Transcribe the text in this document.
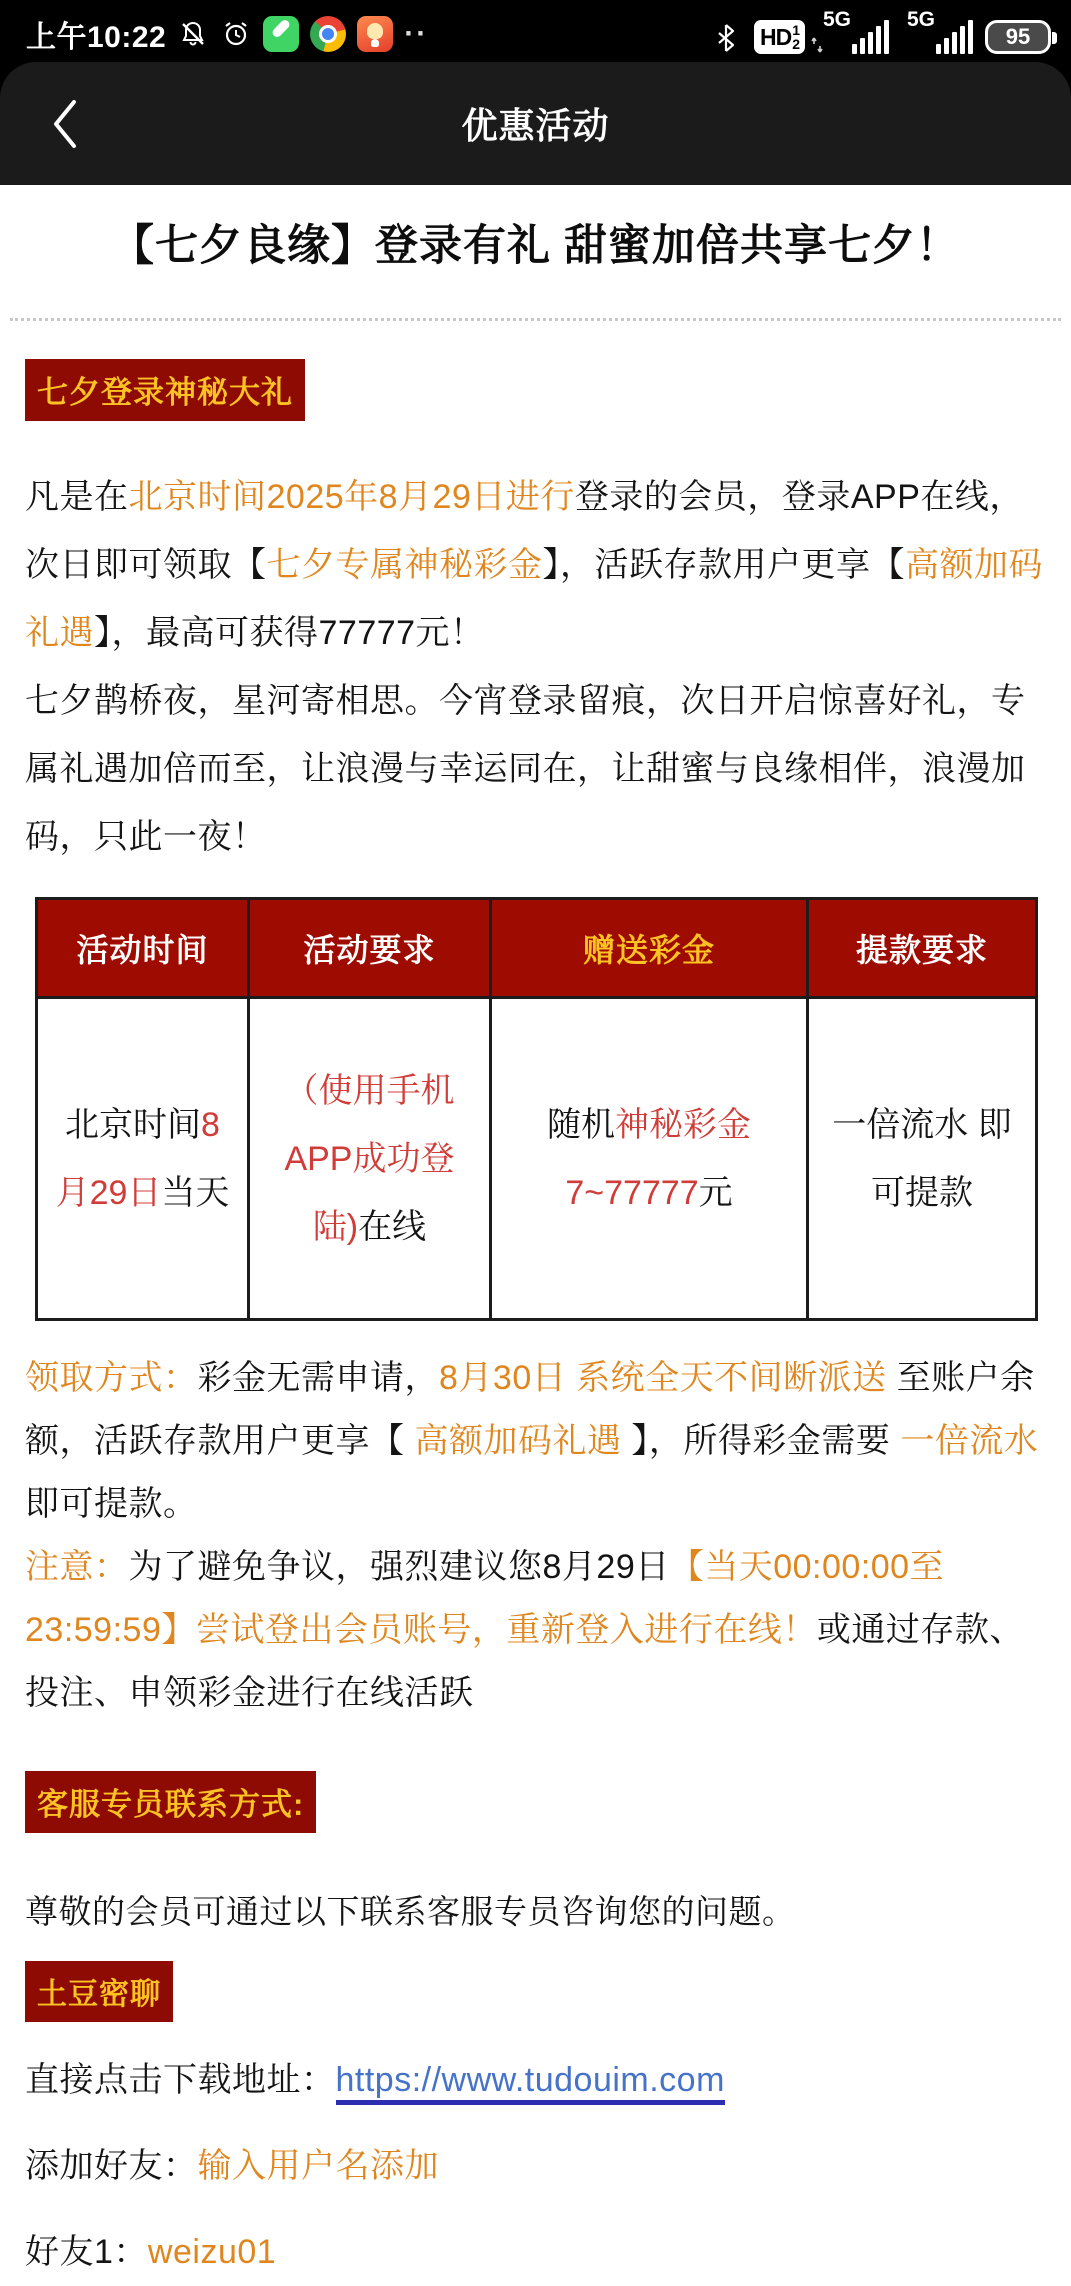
上午10:22	··	HD 1
2
5G	5G
95
优惠活动
【七夕良缘】登录有礼 甜蜜加倍共享七夕！
七夕登录神秘大礼

凡是在北京时间2025年8月29日进行登录的会员，登录APP在线，次日即可领取【七夕专属神秘彩金】，活跃存款用户更享【高额加码礼遇】，最高可获得77777元！

七夕鹊桥夜，星河寄相思。今宵登录留痕，次日开启惊喜好礼，专属礼遇加倍而至，让浪漫与幸运同在，让甜蜜与良缘相伴，浪漫加码，只此一夜！

活动时间	活动要求	赠送彩金	提款要求
北京时间8月29日当天	（使用手机APP成功登陆)在线	随机神秘彩金7~77777元	一倍流水 即可提款

领取方式：彩金无需申请，8月30日 系统全天不间断派送 至账户余额，活跃存款用户更享【 高额加码礼遇 】，所得彩金需要 一倍流水 即可提款。

注意：为了避免争议，强烈建议您8月29日【当天00:00:00至23:59:59】尝试登出会员账号，重新登入进行在线！或通过存款、投注、申领彩金进行在线活跃

客服专员联系方式:

尊敬的会员可通过以下联系客服专员咨询您的问题。

土豆密聊

直接点击下载地址：https://www.tudouim.com

添加好友：输入用户名添加

好友1：weizu01
